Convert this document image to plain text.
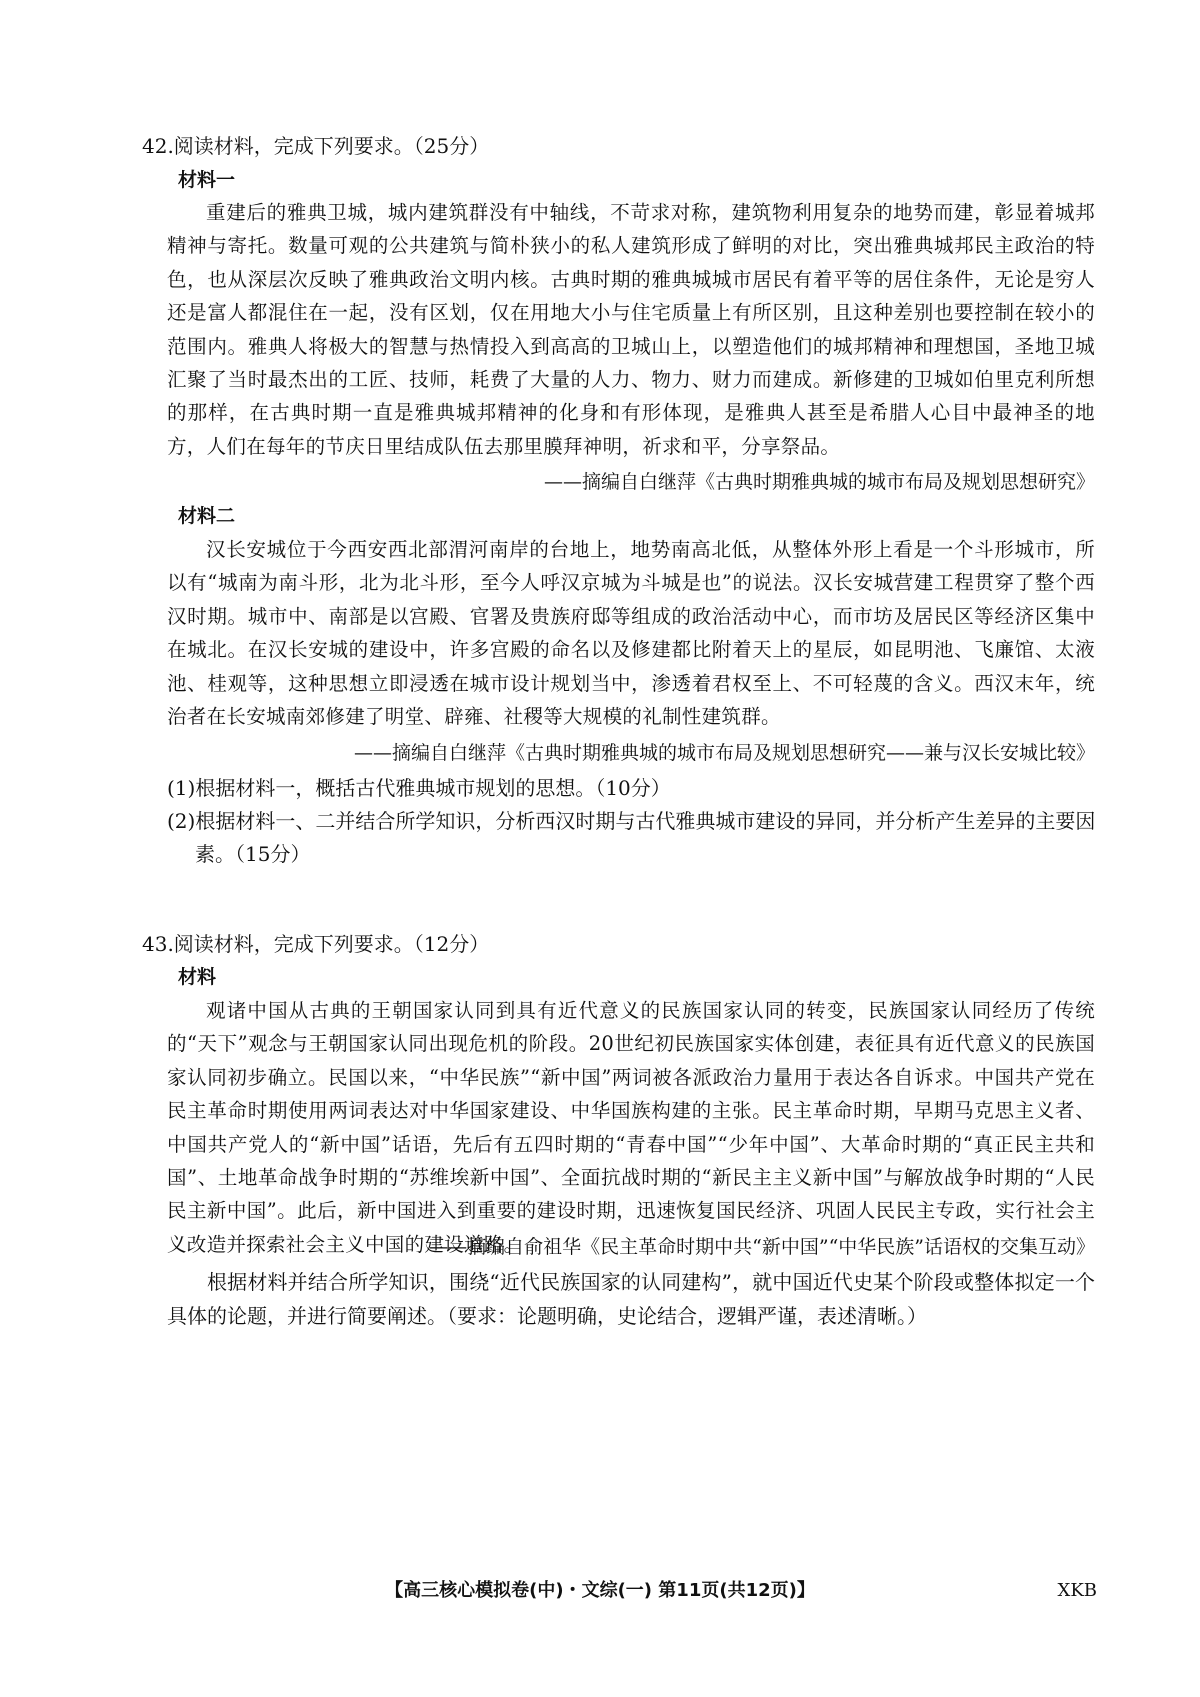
42.阅读材料，完成下列要求。（25分）
材料一
重建后的雅典卫城，城内建筑群没有中轴线，不苛求对称，建筑物利用复杂的地势而建，彰显着城邦精神与寄托。数量可观的公共建筑与简朴狭小的私人建筑形成了鲜明的对比，突出雅典城邦民主政治的特色，也从深层次反映了雅典政治文明内核。古典时期的雅典城城市居民有着平等的居住条件，无论是穷人还是富人都混住在一起，没有区划，仅在用地大小与住宅质量上有所区别，且这种差别也要控制在较小的范围内。雅典人将极大的智慧与热情投入到高高的卫城山上，以塑造他们的城邦精神和理想国，圣地卫城汇聚了当时最杰出的工匠、技师，耗费了大量的人力、物力、财力而建成。新修建的卫城如伯里克利所想的那样，在古典时期一直是雅典城邦精神的化身和有形体现，是雅典人甚至是希腊人心目中最神圣的地方，人们在每年的节庆日里结成队伍去那里膜拜神明，祈求和平，分享祭品。
——摘编自白继萍《古典时期雅典城的城市布局及规划思想研究》
材料二
汉长安城位于今西安西北部渭河南岸的台地上，地势南高北低，从整体外形上看是一个斗形城市，所以有“城南为南斗形，北为北斗形，至今人呼汉京城为斗城是也”的说法。汉长安城营建工程贯穿了整个西汉时期。城市中、南部是以宫殿、官署及贵族府邸等组成的政治活动中心，而市坊及居民区等经济区集中在城北。在汉长安城的建设中，许多宫殿的命名以及修建都比附着天上的星辰，如昆明池、飞廉馆、太液池、桂观等，这种思想立即浸透在城市设计规划当中，渗透着君权至上、不可轻蔑的含义。西汉末年，统治者在长安城南郊修建了明堂、辟雍、社稷等大规模的礼制性建筑群。
——摘编自白继萍《古典时期雅典城的城市布局及规划思想研究——兼与汉长安城比较》
(1)根据材料一，概括古代雅典城市规划的思想。（10分）
(2)根据材料一、二并结合所学知识，分析西汉时期与古代雅典城市建设的异同，并分析产生差异的主要因素。（15分）
43.阅读材料，完成下列要求。（12分）
材料
观诸中国从古典的王朝国家认同到具有近代意义的民族国家认同的转变，民族国家认同经历了传统的“天下”观念与王朝国家认同出现危机的阶段。20世纪初民族国家实体创建，表征具有近代意义的民族国家认同初步确立。民国以来，“中华民族”“新中国”两词被各派政治力量用于表达各自诉求。中国共产党在民主革命时期使用两词表达对中华国家建设、中华国族构建的主张。民主革命时期，早期马克思主义者、中国共产党人的“新中国”话语，先后有五四时期的“青春中国”“少年中国”、大革命时期的“真正民主共和国”、土地革命战争时期的“苏维埃新中国”、全面抗战时期的“新民主主义新中国”与解放战争时期的“人民民主新中国”。此后，新中国进入到重要的建设时期，迅速恢复国民经济、巩固人民民主专政，实行社会主义改造并探索社会主义中国的建设道路。
——摘编自俞祖华《民主革命时期中共“新中国”“中华民族”话语权的交集互动》
根据材料并结合所学知识，围绕“近代民族国家的认同建构”，就中国近代史某个阶段或整体拟定一个具体的论题，并进行简要阐述。（要求：论题明确，史论结合，逻辑严谨，表述清晰。）
【高三核心模拟卷(中)・文综(一) 第11页(共12页)】	XKB
